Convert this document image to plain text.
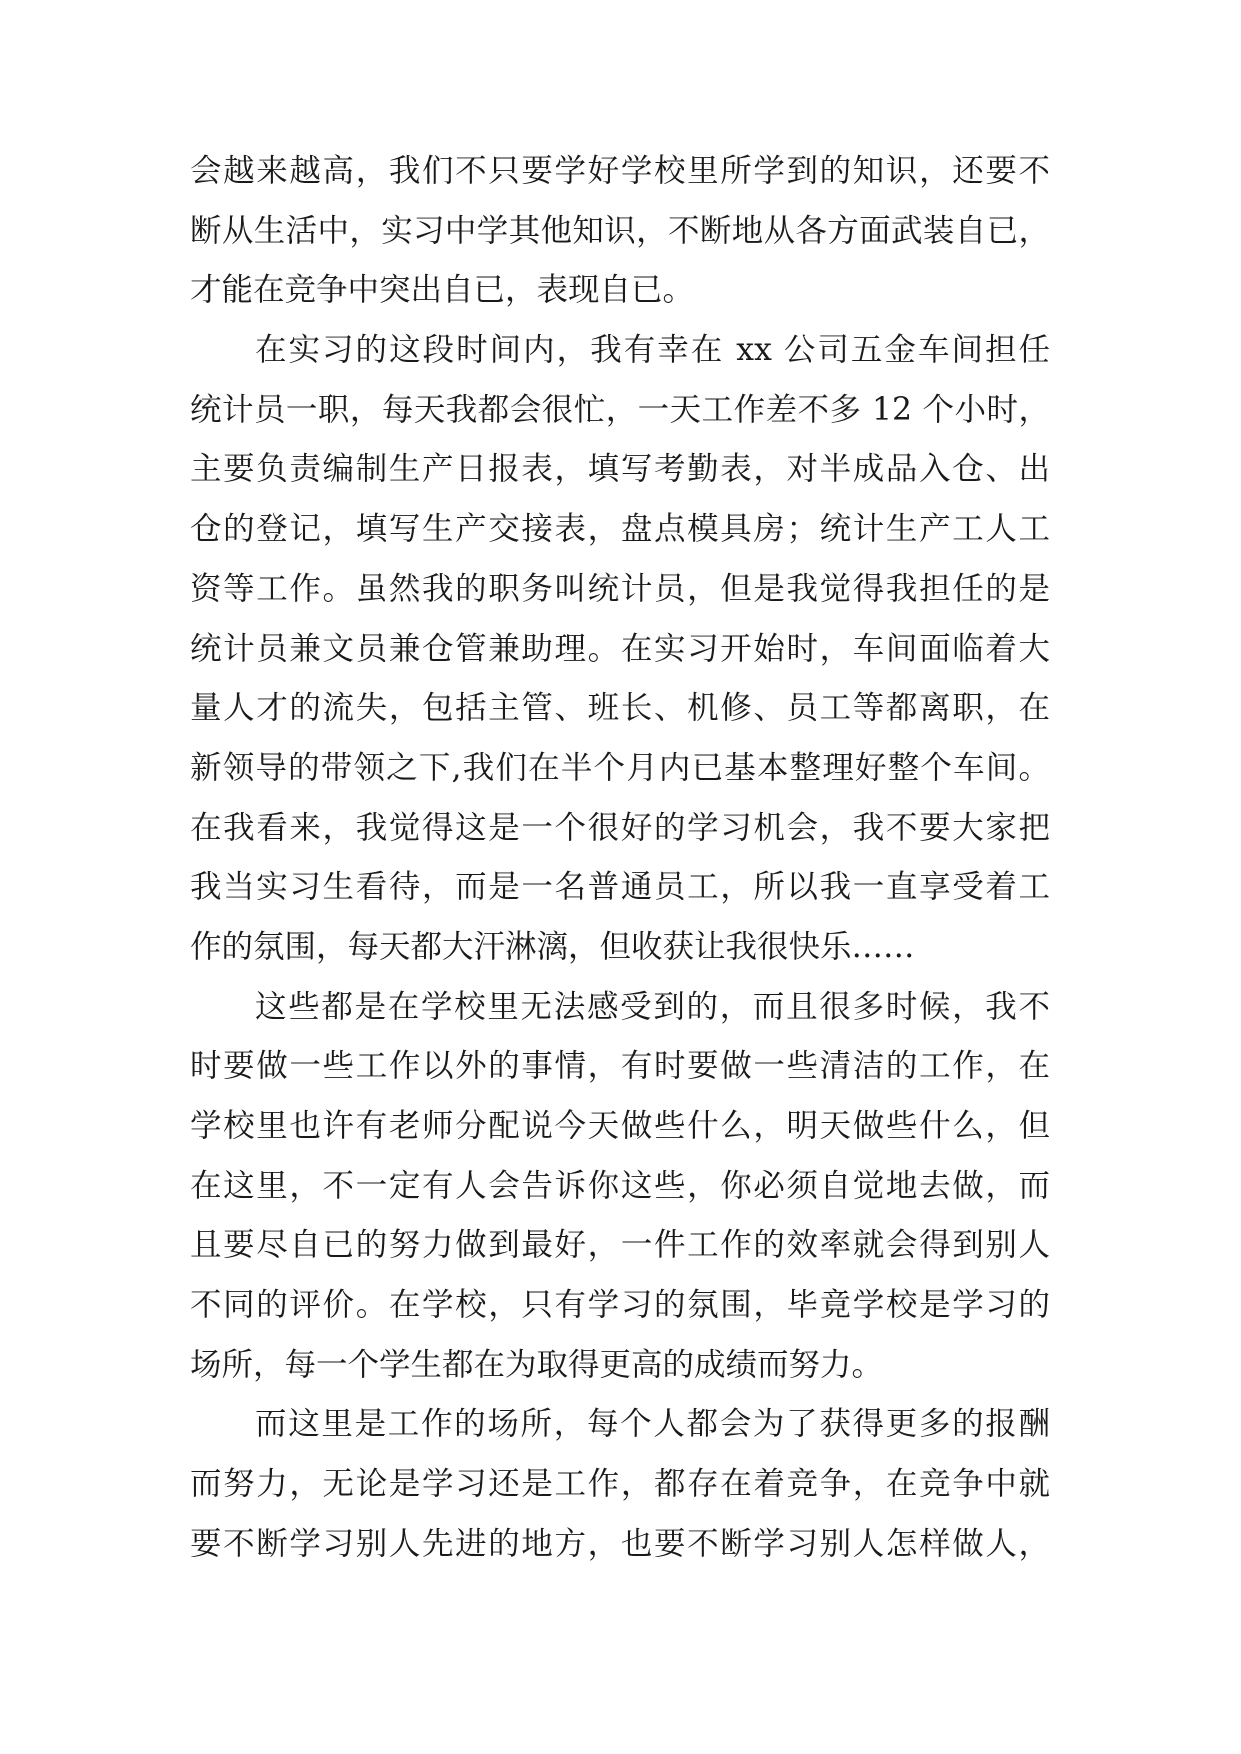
会越来越高，我们不只要学好学校里所学到的知识，还要不
断从生活中，实习中学其他知识，不断地从各方面武装自已，
才能在竞争中突出自已，表现自已。
在实习的这段时间内，我有幸在 xx 公司五金车间担任
统计员一职，每天我都会很忙，一天工作差不多 12 个小时，
主要负责编制生产日报表，填写考勤表，对半成品入仓、出
仓的登记，填写生产交接表，盘点模具房；统计生产工人工
资等工作。虽然我的职务叫统计员，但是我觉得我担任的是
统计员兼文员兼仓管兼助理。在实习开始时，车间面临着大
量人才的流失，包括主管、班长、机修、员工等都离职，在
新领导的带领之下,我们在半个月内已基本整理好整个车间。
在我看来，我觉得这是一个很好的学习机会，我不要大家把
我当实习生看待，而是一名普通员工，所以我一直享受着工
作的氛围，每天都大汗淋漓，但收获让我很快乐……
这些都是在学校里无法感受到的，而且很多时候，我不
时要做一些工作以外的事情，有时要做一些清洁的工作，在
学校里也许有老师分配说今天做些什么，明天做些什么，但
在这里，不一定有人会告诉你这些，你必须自觉地去做，而
且要尽自已的努力做到最好，一件工作的效率就会得到别人
不同的评价。在学校，只有学习的氛围，毕竟学校是学习的
场所，每一个学生都在为取得更高的成绩而努力。
而这里是工作的场所，每个人都会为了获得更多的报酬
而努力，无论是学习还是工作，都存在着竞争，在竞争中就
要不断学习别人先进的地方，也要不断学习别人怎样做人，
